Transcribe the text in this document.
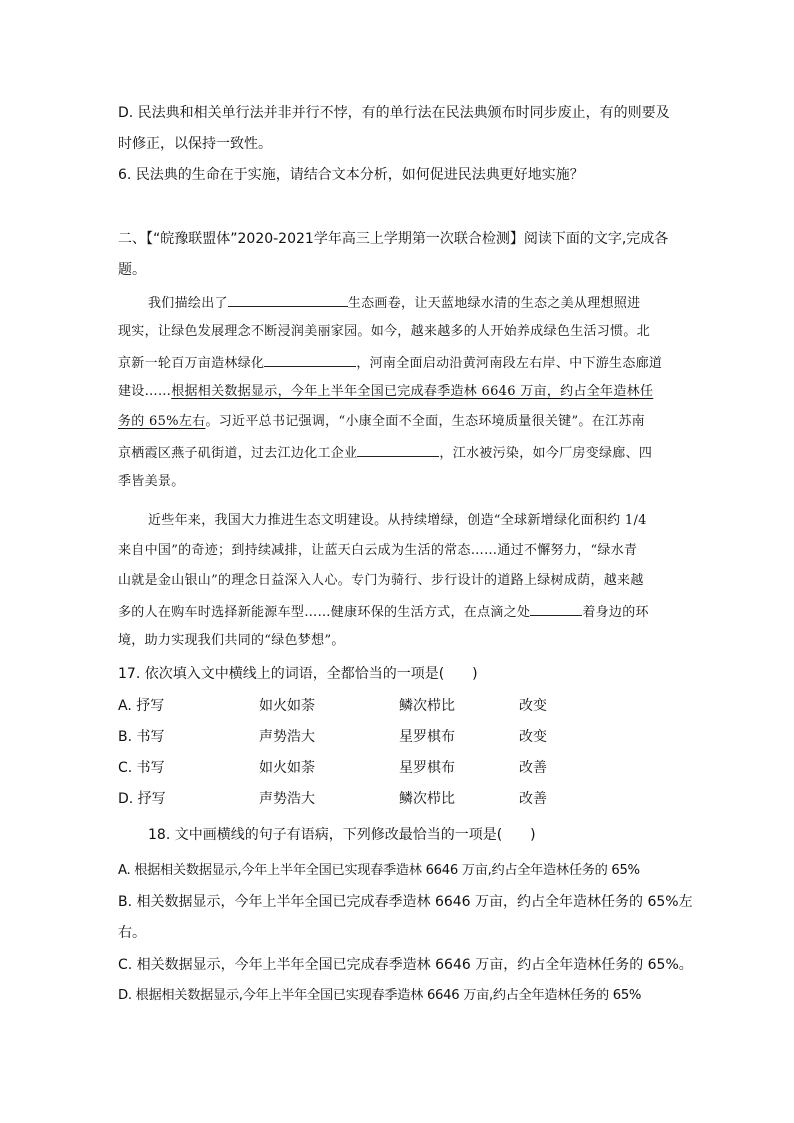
D. 民法典和相关单行法并非并行不悖，有的单行法在民法典颁布时同步废止，有的则要及
时修正，以保持一致性。
6. 民法典的生命在于实施，请结合文本分析，如何促进民法典更好地实施？
二、【“皖豫联盟体”2020-2021学年高三上学期第一次联合检测】阅读下面的文字,完成各
题。
我们描绘出了	生态画卷，让天蓝地绿水清的生态之美从理想照进
现实，让绿色发展理念不断浸润美丽家园。如今，越来越多的人开始养成绿色生活习惯。北
京新一轮百万亩造林绿化	，河南全面启动沿黄河南段左右岸、中下游生态廊道
建设……根据相关数据显示，今年上半年全国已完成春季造林 6646 万亩，约占全年造林任
务的 65%左右。习近平总书记强调，“小康全面不全面，生态环境质量很关键”。在江苏南
京栖霞区燕子矶街道，过去江边化工企业	，江水被污染，如今厂房变绿廊、四
季皆美景。
近些年来，我国大力推进生态文明建设。从持续增绿，创造“全球新增绿化面积约 1/4
来自中国”的奇迹；到持续减排，让蓝天白云成为生活的常态……通过不懈努力，“绿水青
山就是金山银山”的理念日益深入人心。专门为骑行、步行设计的道路上绿树成荫，越来越
多的人在购车时选择新能源车型……健康环保的生活方式，在点滴之处	着身边的环
境，助力实现我们共同的“绿色梦想”。
17. 依次填入文中横线上的词语，全都恰当的一项是(　　)
A. 抒写	如火如荼	鳞次栉比	改变
B. 书写	声势浩大	星罗棋布	改变
C. 书写	如火如荼	星罗棋布	改善
D. 抒写	声势浩大	鳞次栉比	改善
18. 文中画横线的句子有语病，下列修改最恰当的一项是(　　)
A. 根据相关数据显示,今年上半年全国已实现春季造林 6646 万亩,约占全年造林任务的 65%
B. 相关数据显示，今年上半年全国已完成春季造林 6646 万亩，约占全年造林任务的 65%左
右。
C. 相关数据显示，今年上半年全国已完成春季造林 6646 万亩，约占全年造林任务的 65%。
D. 根据相关数据显示,今年上半年全国已实现春季造林 6646 万亩,约占全年造林任务的 65%
